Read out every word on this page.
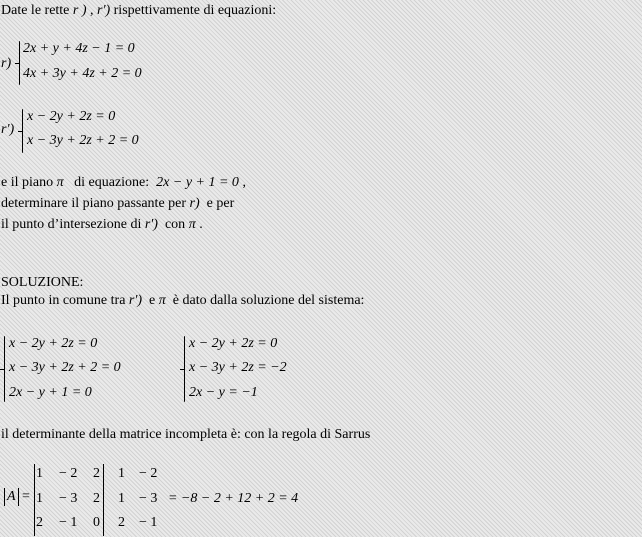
Date le rette r ) , r') rispettivamente di equazioni:
r)
2x + y + 4z − 1 = 0
4x + 3y + 4z + 2 = 0
r')
x − 2y + 2z = 0
x − 3y + 2z + 2 = 0
e il piano π   di equazione:  2x − y + 1 = 0 ,
determinare il piano passante per r)  e per
il punto d’intersezione di r')  con π .
SOLUZIONE:
Il punto in comune tra r')  e π  è dato dalla soluzione del sistema:
x − 2y + 2z = 0
x − 3y + 2z + 2 = 0
2x − y + 1 = 0
x − 2y + 2z = 0
x − 3y + 2z = −2
2x − y = −1
il determinante della matrice incompleta è: con la regola di Sarrus
A =
1 − 2 2
1 − 3 2
2 − 1 0
1 − 2
1 − 3
2 − 1
= −8 − 2 + 12 + 2 = 4
